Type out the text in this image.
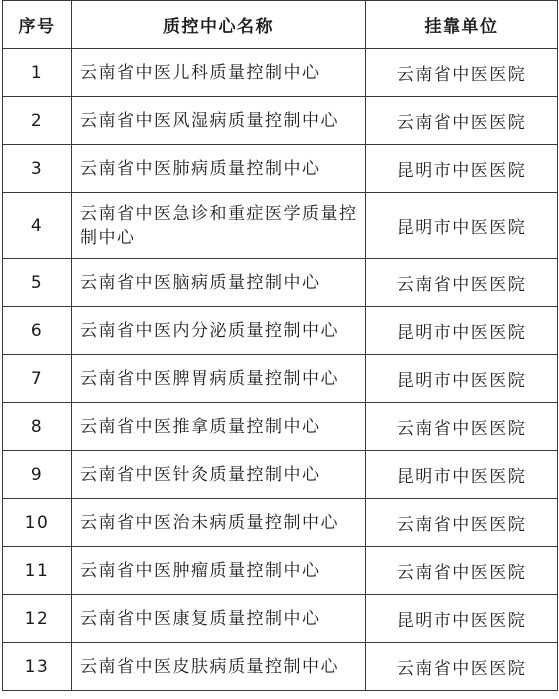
序号	质控中心名称	挂靠单位
1	云南省中医儿科质量控制中心	云南省中医医院
2	云南省中医风湿病质量控制中心	云南省中医医院
3	云南省中医肺病质量控制中心	昆明市中医医院
4	云南省中医急诊和重症医学质量控制中心	昆明市中医医院
5	云南省中医脑病质量控制中心	云南省中医医院
6	云南省中医内分泌质量控制中心	昆明市中医医院
7	云南省中医脾胃病质量控制中心	昆明市中医医院
8	云南省中医推拿质量控制中心	云南省中医医院
9	云南省中医针灸质量控制中心	昆明市中医医院
10	云南省中医治未病质量控制中心	云南省中医医院
11	云南省中医肿瘤质量控制中心	云南省中医医院
12	云南省中医康复质量控制中心	昆明市中医医院
13	云南省中医皮肤病质量控制中心	云南省中医医院
